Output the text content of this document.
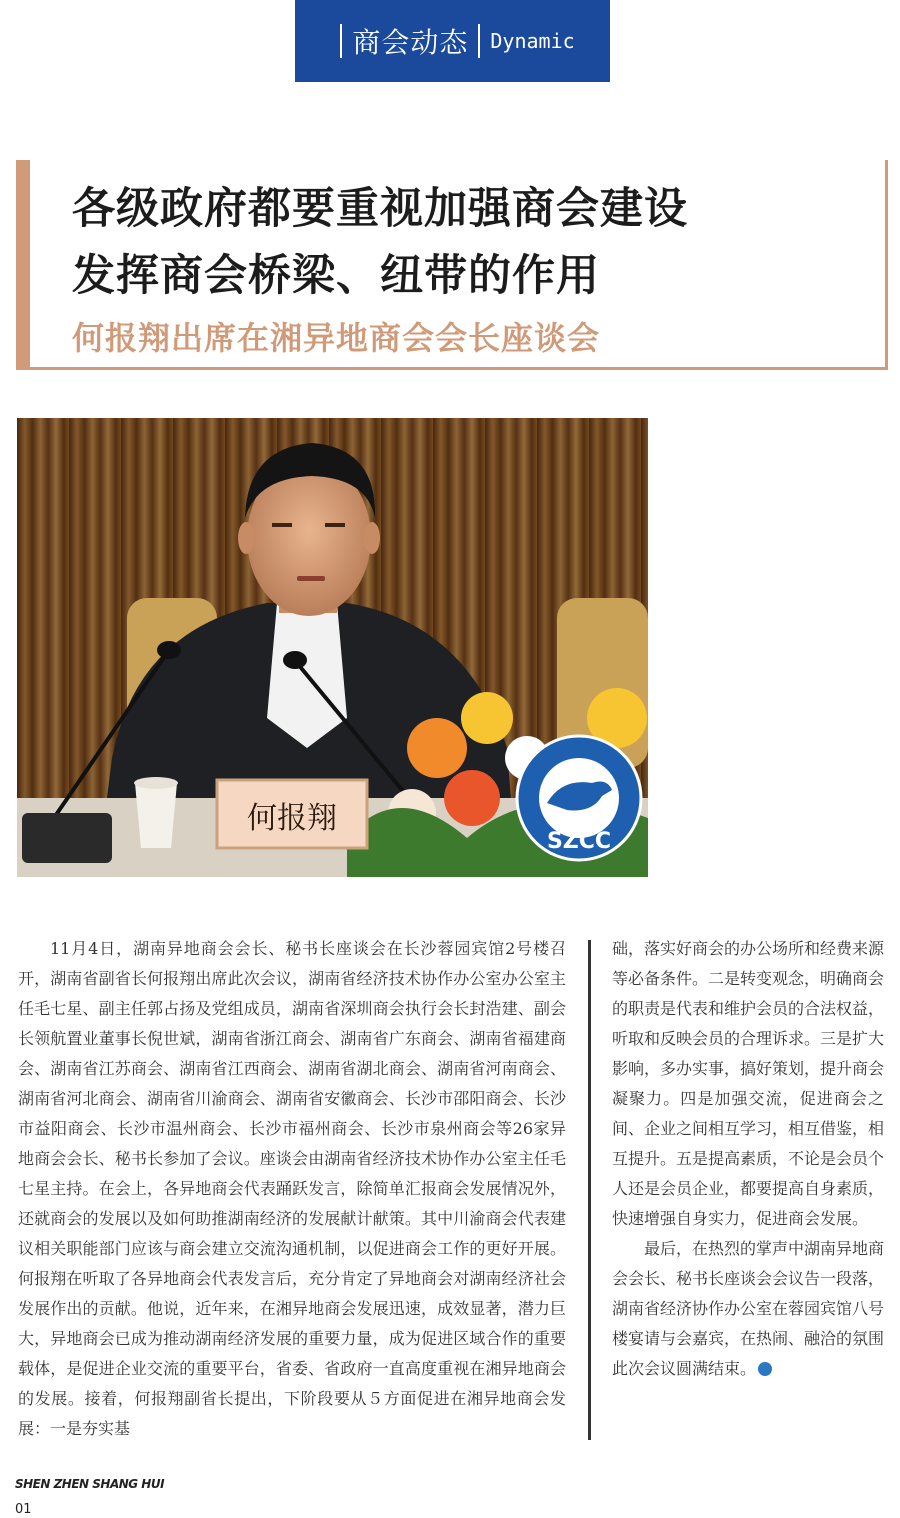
商会动态 Dynamic
各级政府都要重视加强商会建设
发挥商会桥梁、纽带的作用
何报翔出席在湘异地商会会长座谈会
何报翔
SZCC

11月4日，湖南异地商会会长、秘书长座谈会在长沙蓉园宾馆2号楼召开，湖南省副省长何报翔出席此次会议，湖南省经济技术协作办公室办公室主任毛七星、副主任郭占扬及党组成员，湖南省深圳商会执行会长封浩建、副会长领航置业董事长倪世斌，湖南省浙江商会、湖南省广东商会、湖南省福建商会、湖南省江苏商会、湖南省江西商会、湖南省湖北商会、湖南省河南商会、湖南省河北商会、湖南省川渝商会、湖南省安徽商会、长沙市邵阳商会、长沙市益阳商会、长沙市温州商会、长沙市福州商会、长沙市泉州商会等26家异地商会会长、秘书长参加了会议。座谈会由湖南省经济技术协作办公室主任毛七星主持。在会上，各异地商会代表踊跃发言，除简单汇报商会发展情况外，还就商会的发展以及如何助推湖南经济的发展献计献策。其中川渝商会代表建议相关职能部门应该与商会建立交流沟通机制，以促进商会工作的更好开展。何报翔在听取了各异地商会代表发言后，充分肯定了异地商会对湖南经济社会发展作出的贡献。他说，近年来，在湘异地商会发展迅速，成效显著，潜力巨大，异地商会已成为推动湖南经济发展的重要力量，成为促进区域合作的重要载体，是促进企业交流的重要平台，省委、省政府一直高度重视在湘异地商会的发展。接着，何报翔副省长提出，下阶段要从５方面促进在湘异地商会发展：一是夯实基

础，落实好商会的办公场所和经费来源等必备条件。二是转变观念，明确商会的职责是代表和维护会员的合法权益，听取和反映会员的合理诉求。三是扩大影响，多办实事，搞好策划，提升商会凝聚力。四是加强交流，促进商会之间、企业之间相互学习，相互借鉴，相互提升。五是提高素质，不论是会员个人还是会员企业，都要提高自身素质，快速增强自身实力，促进商会发展。

最后，在热烈的掌声中湖南异地商会会长、秘书长座谈会会议告一段落，湖南省经济协作办公室在蓉园宾馆八号楼宴请与会嘉宾，在热闹、融洽的氛围此次会议圆满结束。

SHEN ZHEN SHANG HUI
01
